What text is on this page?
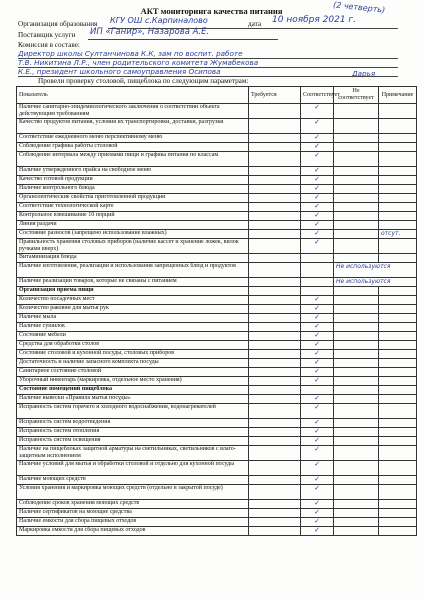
АКТ мониторинга качества питания	(2 четверть)
Организация образования КГУ ОШ с.Карпиналово	дата 10 ноября 2021 г.
Поставщик услуги ИП «Ганир», Назарова А.Е.
Комиссия в составе:
Директор школы Султанчинова К.К, зам по воспит. работе
Т.В. Никитина Л.Р., член родительского комитета Жумабекова
К.Е., президент школьного самоуправления Осипова	Дарья
Провели проверку столовой, пищеблока по следующим параметрам:
Показатель	Требуется	Соответствует	Не соответствует	Примечание
Наличие санитарно-эпидемиологического заключения о соответствии объекта действующим требованиям		✓		
Качество продуктов питания, условия их транспортировки, доставки, разгрузки		✓		
Соответствие ежедневного меню перспективному меню		✓		
Соблюдение графика работы столовой		✓		
Соблюдение интервала между приемами пищи и графика питания по классам		✓		
Наличие утвержденного прайса на свободное меню		✓		
Качество готовой продукции		✓		
Наличие контрольного блюда		✓		
Органолептические свойства приготовленной продукции		✓		
Соответствие технологической карте		✓		
Контрольное взвешивание 10 порций		✓		
Линия раздачи		✓		
Состояние разносов (запрещено использование влажных)		✓		отсут.
Правильность хранения столовых приборов (наличие кассет и хранение ложек, вилок ручками вверх)		✓		
Витаминизация блюда				
Наличие изготовления, реализации и использования запрещенных блюд и продуктов			Не используются	
Наличие реализации товаров, которые не связаны с питанием			Не используются	
Организация приема пищи				
Количество посадочных мест		✓		
Количество раковин для мытья рук		✓		
Наличие мыла		✓		
Наличие сушилок		✓		
Состояние мебели		✓		
Средства для обработки столов		✓		
Состояние столовой и кухонной посуды, столовых приборов		✓		
Достаточность и наличие запасного комплекта посуды		✓		
Санитарное состояние столовой		✓		
Уборочный инвентарь (маркировка, отдельное место хранения)		✓		
Состояние помещений пищеблока				
Наличие вывески «Правила мытья посуды»		✓		
Исправность систем горячего и холодного водоснабжения, водонагревателей		✓		
Исправность систем водоотведения		✓		
Исправность систем отопления		✓		
Исправность систем освещения		✓		
Наличие на пищеблоках защитной арматуры на светильниках, светильников с влаго-защитным исполнением		✓		
Наличие условий для мытья и обработки столовой и отдельно для кухонной посуды		✓		
Наличие моющих средств		✓		
Условия хранения и маркировка моющих средств (отдельно в закрытой посуде)		✓		
Соблюдение сроков хранения моющих средств		✓		
Наличие сертификатов на моющие средства		✓		
Наличие емкости для сбора пищевых отходов		✓		
Маркировка емкости для сбора пищевых отходов		✓		
